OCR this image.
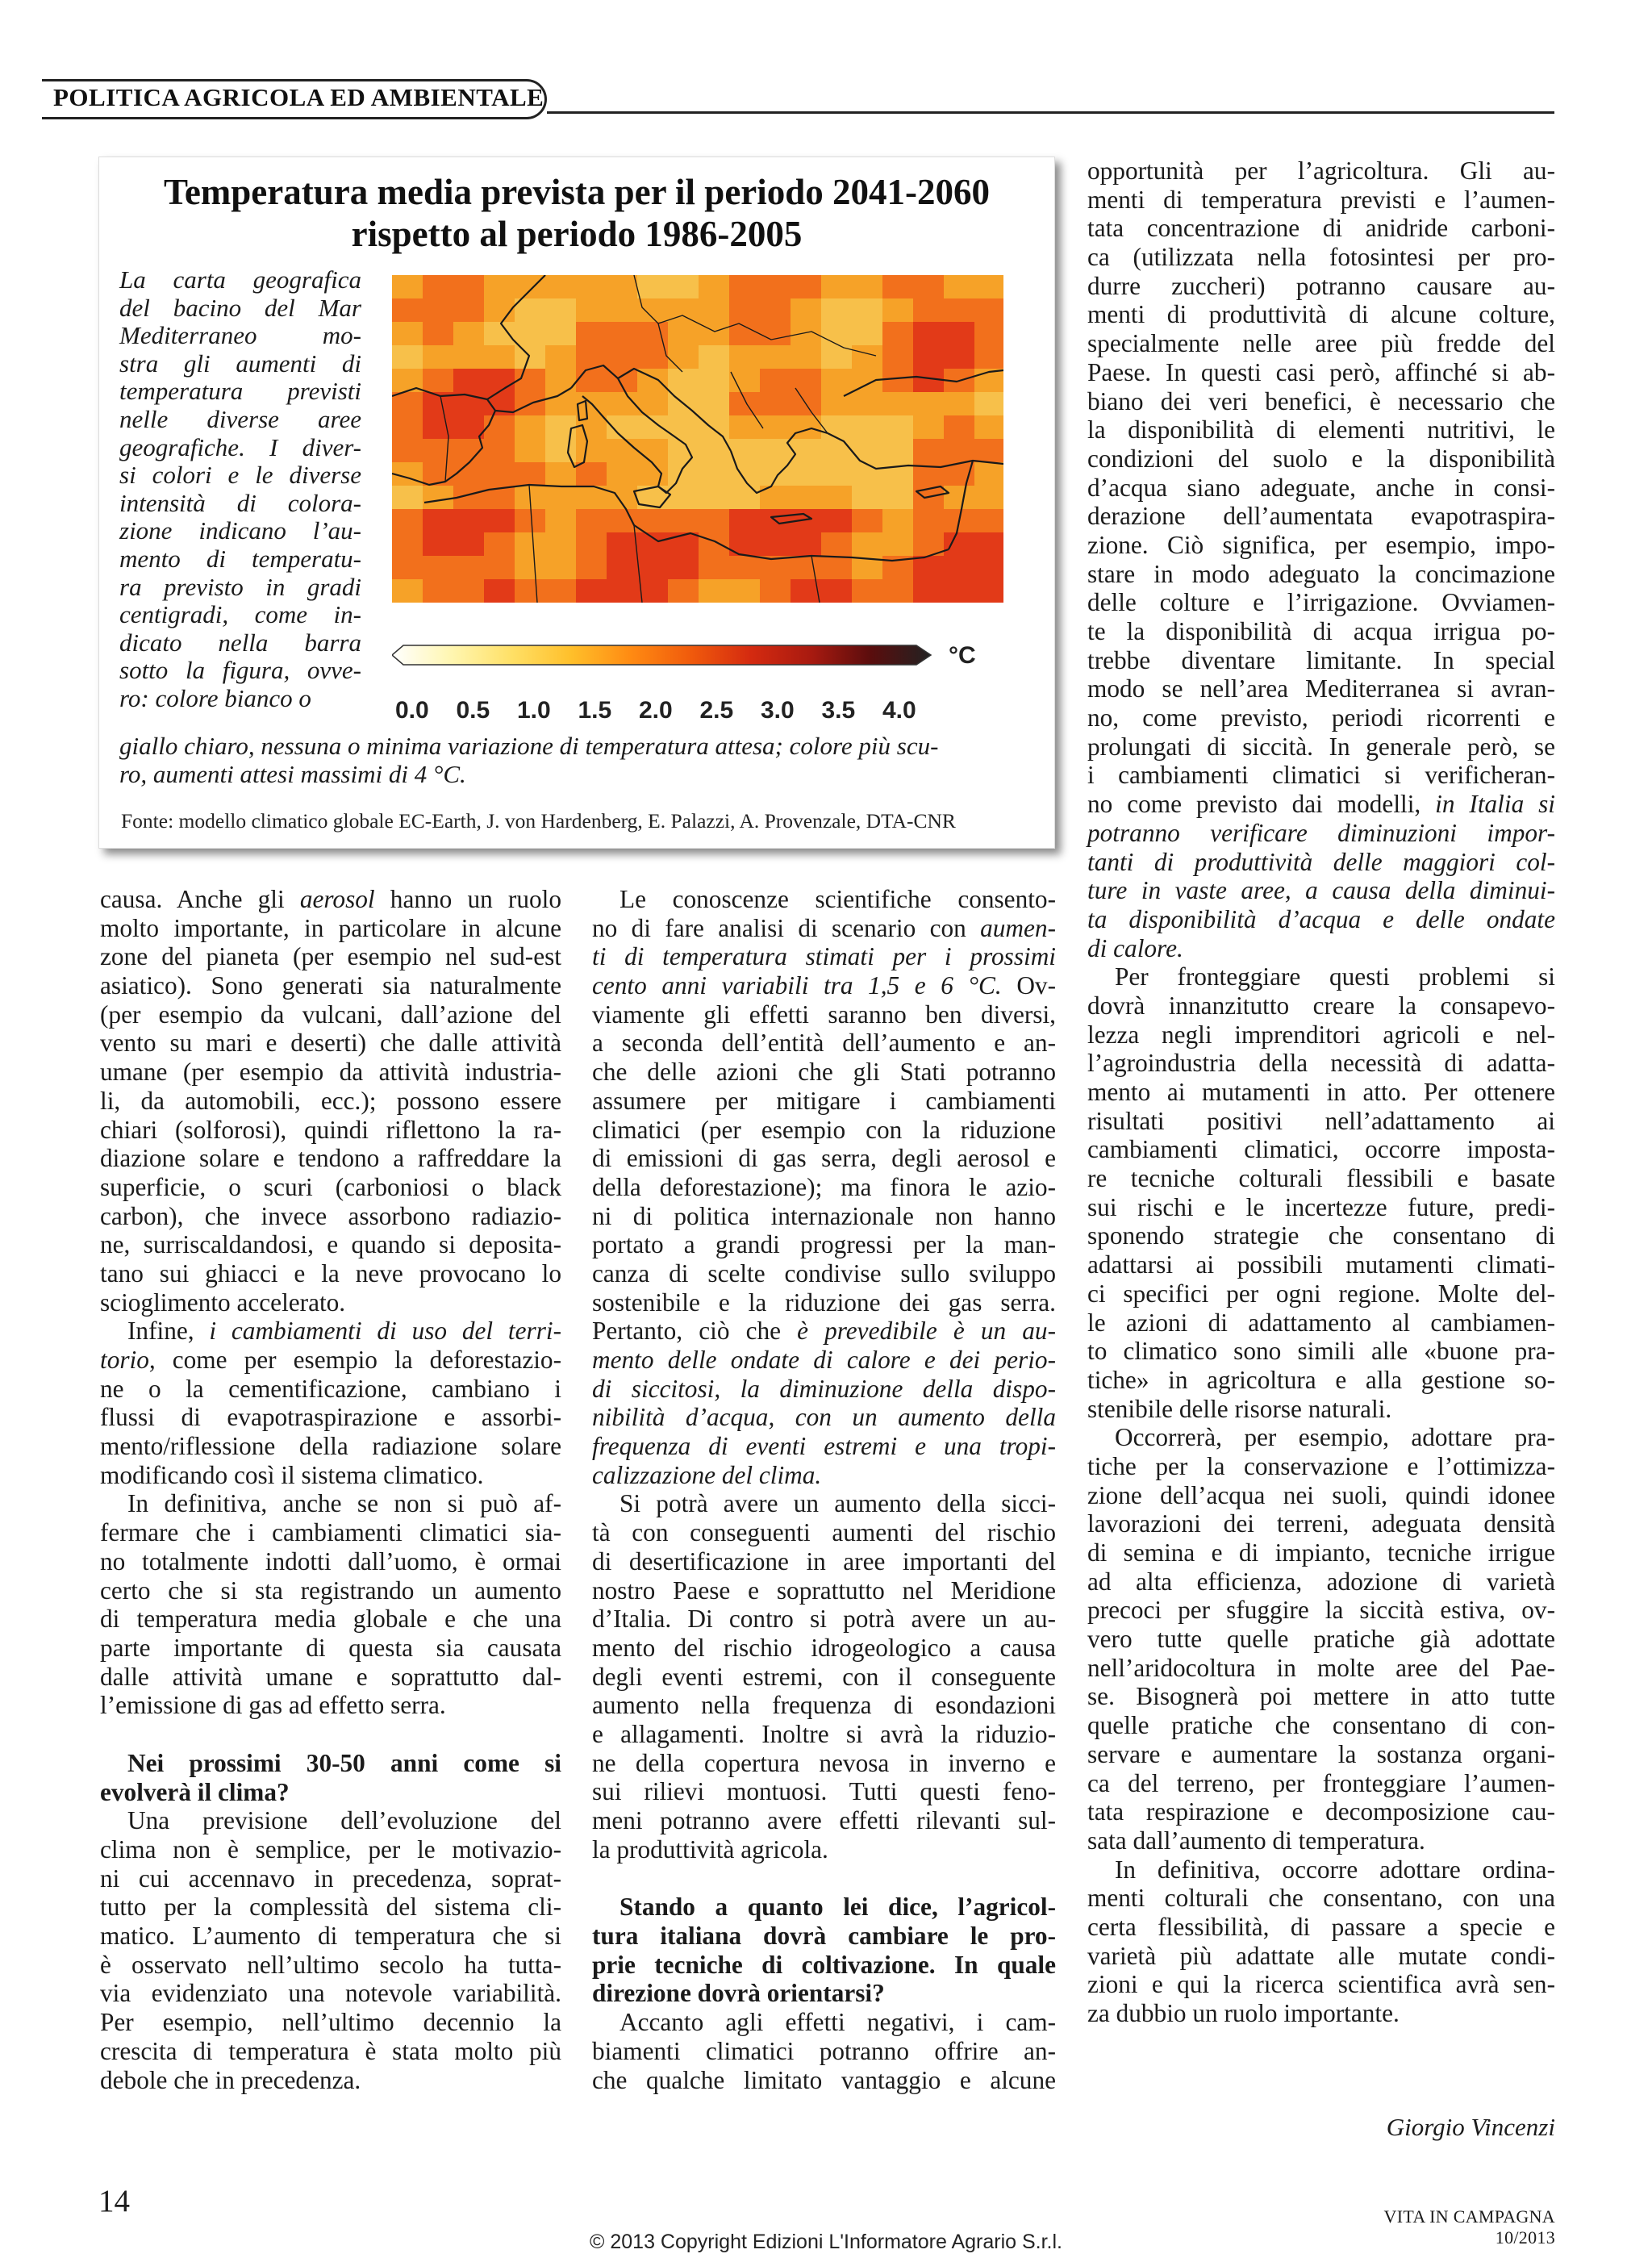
POLITICA AGRICOLA ED AMBIENTALE
Temperatura media prevista per il periodo 2041-2060
rispetto al periodo 1986-2005
La carta geografica
del bacino del Mar
Mediterraneo mo-
stra gli aumenti di
temperatura previsti
nelle diverse aree
geografiche. I diver-
si colori e le diverse
intensità di colora-
zione indicano l’au-
mento di temperatu-
ra previsto in gradi
centigradi, come in-
dicato nella barra
sotto la figura, ovve-
ro: colore bianco o
giallo chiaro, nessuna o minima variazione di temperatura attesa; colore più scu-
ro, aumenti attesi massimi di 4 °C.
Fonte: modello climatico globale EC-Earth, J. von Hardenberg, E. Palazzi, A. Provenzale, DTA-CNR
°C
0.0 0.5 1.0 1.5 2.0 2.5 3.0 3.5 4.0
causa. Anche gli aerosol hanno un ruolo
molto importante, in particolare in alcune
zone del pianeta (per esempio nel sud-est
asiatico). Sono generati sia naturalmente
(per esempio da vulcani, dall’azione del
vento su mari e deserti) che dalle attività
umane (per esempio da attività industria-
li, da automobili, ecc.); possono essere
chiari (solforosi), quindi riflettono la ra-
diazione solare e tendono a raffreddare la
superficie, o scuri (carboniosi o black
carbon), che invece assorbono radiazio-
ne, surriscaldandosi, e quando si deposita-
tano sui ghiacci e la neve provocano lo
scioglimento accelerato.
Infine, i cambiamenti di uso del terri-
torio, come per esempio la deforestazio-
ne o la cementificazione, cambiano i
flussi di evapotraspirazione e assorbi-
mento/riflessione della radiazione solare
modificando così il sistema climatico.
In definitiva, anche se non si può af-
fermare che i cambiamenti climatici sia-
no totalmente indotti dall’uomo, è ormai
certo che si sta registrando un aumento
di temperatura media globale e che una
parte importante di questa sia causata
dalle attività umane e soprattutto dal-
l’emissione di gas ad effetto serra.
Nei prossimi 30-50 anni come si
evolverà il clima?
Una previsione dell’evoluzione del
clima non è semplice, per le motivazio-
ni cui accennavo in precedenza, soprat-
tutto per la complessità del sistema cli-
matico. L’aumento di temperatura che si
è osservato nell’ultimo secolo ha tutta-
via evidenziato una notevole variabilità.
Per esempio, nell’ultimo decennio la
crescita di temperatura è stata molto più
debole che in precedenza.
Le conoscenze scientifiche consento-
no di fare analisi di scenario con aumen-
ti di temperatura stimati per i prossimi
cento anni variabili tra 1,5 e 6 °C. Ov-
viamente gli effetti saranno ben diversi,
a seconda dell’entità dell’aumento e an-
che delle azioni che gli Stati potranno
assumere per mitigare i cambiamenti
climatici (per esempio con la riduzione
di emissioni di gas serra, degli aerosol e
della deforestazione); ma finora le azio-
ni di politica internazionale non hanno
portato a grandi progressi per la man-
canza di scelte condivise sullo sviluppo
sostenibile e la riduzione dei gas serra.
Pertanto, ciò che è prevedibile è un au-
mento delle ondate di calore e dei perio-
di siccitosi, la diminuzione della dispo-
nibilità d’acqua, con un aumento della
frequenza di eventi estremi e una tropi-
calizzazione del clima.
Si potrà avere un aumento della sicci-
tà con conseguenti aumenti del rischio
di desertificazione in aree importanti del
nostro Paese e soprattutto nel Meridione
d’Italia. Di contro si potrà avere un au-
mento del rischio idrogeologico a causa
degli eventi estremi, con il conseguente
aumento nella frequenza di esondazioni
e allagamenti. Inoltre si avrà la riduzio-
ne della copertura nevosa in inverno e
sui rilievi montuosi. Tutti questi feno-
meni potranno avere effetti rilevanti sul-
la produttività agricola.
Stando a quanto lei dice, l’agricol-
tura italiana dovrà cambiare le pro-
prie tecniche di coltivazione. In quale
direzione dovrà orientarsi?
Accanto agli effetti negativi, i cam-
biamenti climatici potranno offrire an-
che qualche limitato vantaggio e alcune
opportunità per l’agricoltura. Gli au-
menti di temperatura previsti e l’aumen-
tata concentrazione di anidride carboni-
ca (utilizzata nella fotosintesi per pro-
durre zuccheri) potranno causare au-
menti di produttività di alcune colture,
specialmente nelle aree più fredde del
Paese. In questi casi però, affinché si ab-
biano dei veri benefici, è necessario che
la disponibilità di elementi nutritivi, le
condizioni del suolo e la disponibilità
d’acqua siano adeguate, anche in consi-
derazione dell’aumentata evapotraspira-
zione. Ciò significa, per esempio, impo-
stare in modo adeguato la concimazione
delle colture e l’irrigazione. Ovviamen-
te la disponibilità di acqua irrigua po-
trebbe diventare limitante. In special
modo se nell’area Mediterranea si avran-
no, come previsto, periodi ricorrenti e
prolungati di siccità. In generale però, se
i cambiamenti climatici si verificheran-
no come previsto dai modelli, in Italia si
potranno verificare diminuzioni impor-
tanti di produttività delle maggiori col-
ture in vaste aree, a causa della diminui-
ta disponibilità d’acqua e delle ondate
di calore.
Per fronteggiare questi problemi si
dovrà innanzitutto creare la consapevo-
lezza negli imprenditori agricoli e nel-
l’agroindustria della necessità di adatta-
mento ai mutamenti in atto. Per ottenere
risultati positivi nell’adattamento ai
cambiamenti climatici, occorre imposta-
re tecniche colturali flessibili e basate
sui rischi e le incertezze future, predi-
sponendo strategie che consentano di
adattarsi ai possibili mutamenti climati-
ci specifici per ogni regione. Molte del-
le azioni di adattamento al cambiamen-
to climatico sono simili alle «buone pra-
tiche» in agricoltura e alla gestione so-
stenibile delle risorse naturali.
Occorrerà, per esempio, adottare pra-
tiche per la conservazione e l’ottimizza-
zione dell’acqua nei suoli, quindi idonee
lavorazioni dei terreni, adeguata densità
di semina e di impianto, tecniche irrigue
ad alta efficienza, adozione di varietà
precoci per sfuggire la siccità estiva, ov-
vero tutte quelle pratiche già adottate
nell’aridocoltura in molte aree del Pae-
se. Bisognerà poi mettere in atto tutte
quelle pratiche che consentano di con-
servare e aumentare la sostanza organi-
ca del terreno, per fronteggiare l’aumen-
tata respirazione e decomposizione cau-
sata dall’aumento di temperatura.
In definitiva, occorre adottare ordina-
menti colturali che consentano, con una
certa flessibilità, di passare a specie e
varietà più adattate alle mutate condi-
zioni e qui la ricerca scientifica avrà sen-
za dubbio un ruolo importante.
Giorgio Vincenzi
14	VITA IN CAMPAGNA 10/2013
© 2013 Copyright Edizioni L'Informatore Agrario S.r.l.
